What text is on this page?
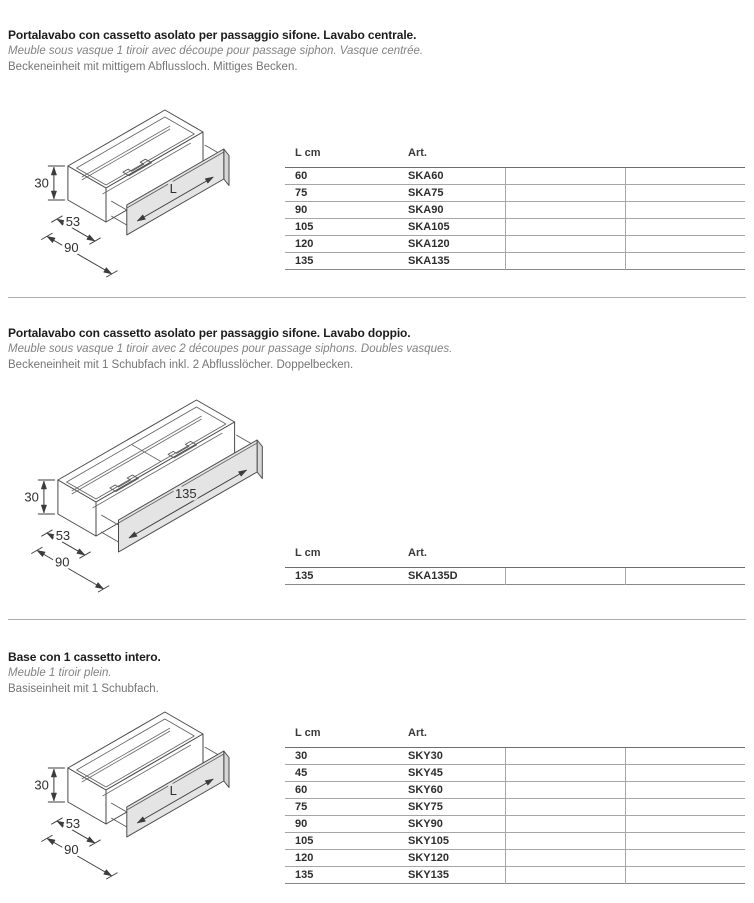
Portalavabo con cassetto asolato per passaggio sifone. Lavabo centrale.
Meuble sous vasque 1 tiroir avec découpe pour passage siphon. Vasque centrée.
Beckeneinheit mit mittigem Abflussloch. Mittiges Becken.
30
53
90
L
L cm	Art.
60	SKA60
75	SKA75
90	SKA90
105	SKA105
120	SKA120
135	SKA135
Portalavabo con cassetto asolato per passaggio sifone. Lavabo doppio.
Meuble sous vasque 1 tiroir avec 2 découpes pour passage siphons. Doubles vasques.
Beckeneinheit mit 1 Schubfach inkl. 2 Abflusslöcher. Doppelbecken.
30
53
90
135
L cm	Art.
135	SKA135D
Base con 1 cassetto intero.
Meuble 1 tiroir plein.
Basiseinheit mit 1 Schubfach.
30
53
90
L
L cm	Art.
30	SKY30
45	SKY45
60	SKY60
75	SKY75
90	SKY90
105	SKY105
120	SKY120
135	SKY135
